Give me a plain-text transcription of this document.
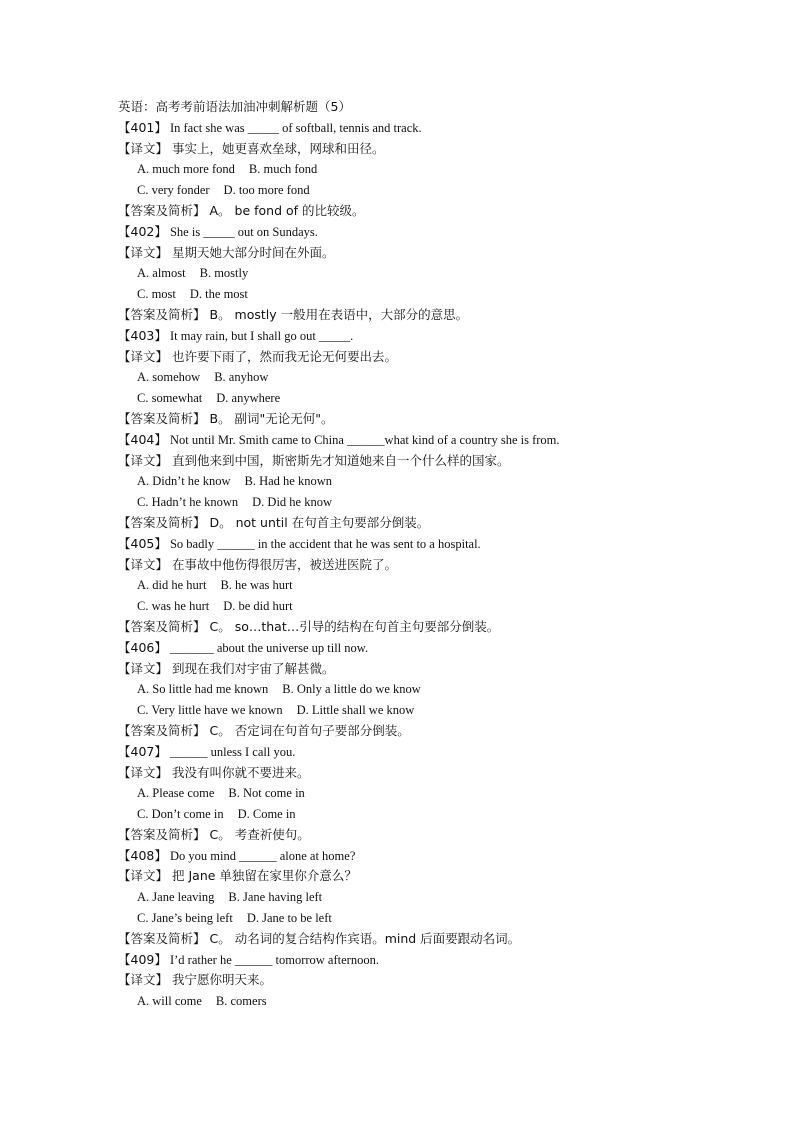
英语：高考考前语法加油冲刺解析题（5）
【401】 In fact she was _____ of softball, tennis and track.
【译文】 事实上，她更喜欢垒球，网球和田径。
A. much more fond B. much fond
C. very fonder D. too more fond
【答案及简析】 A。 be fond of 的比较级。
【402】 She is _____ out on Sundays.
【译文】 星期天她大部分时间在外面。
A. almost B. mostly
C. most D. the most
【答案及简析】 B。 mostly 一般用在表语中，大部分的意思。
【403】 It may rain, but I shall go out _____.
【译文】 也许要下雨了，然而我无论无何要出去。
A. somehow B. anyhow
C. somewhat D. anywhere
【答案及简析】 B。 副词"无论无何"。
【404】 Not until Mr. Smith came to China ______what kind of a country she is from.
【译文】 直到他来到中国，斯密斯先才知道她来自一个什么样的国家。
A. Didn’t he know B. Had he known
C. Hadn’t he known D. Did he know
【答案及简析】 D。 not until 在句首主句要部分倒装。
【405】 So badly ______ in the accident that he was sent to a hospital.
【译文】 在事故中他伤得很厉害，被送进医院了。
A. did he hurt B. he was hurt
C. was he hurt D. be did hurt
【答案及简析】 C。 so…that…引导的结构在句首主句要部分倒装。
【406】 _______ about the universe up till now.
【译文】 到现在我们对宇宙了解甚微。
A. So little had me known B. Only a little do we know
C. Very little have we known D. Little shall we know
【答案及简析】 C。 否定词在句首句子要部分倒装。
【407】 ______ unless I call you.
【译文】 我没有叫你就不要进来。
A. Please come B. Not come in
C. Don’t come in D. Come in
【答案及简析】 C。 考查祈使句。
【408】 Do you mind ______ alone at home?
【译文】 把 Jane 单独留在家里你介意么？
A. Jane leaving B. Jane having left
C. Jane’s being left D. Jane to be left
【答案及简析】 C。 动名词的复合结构作宾语。mind 后面要跟动名词。
【409】 I’d rather he ______ tomorrow afternoon.
【译文】 我宁愿你明天来。
A. will come B. comers
